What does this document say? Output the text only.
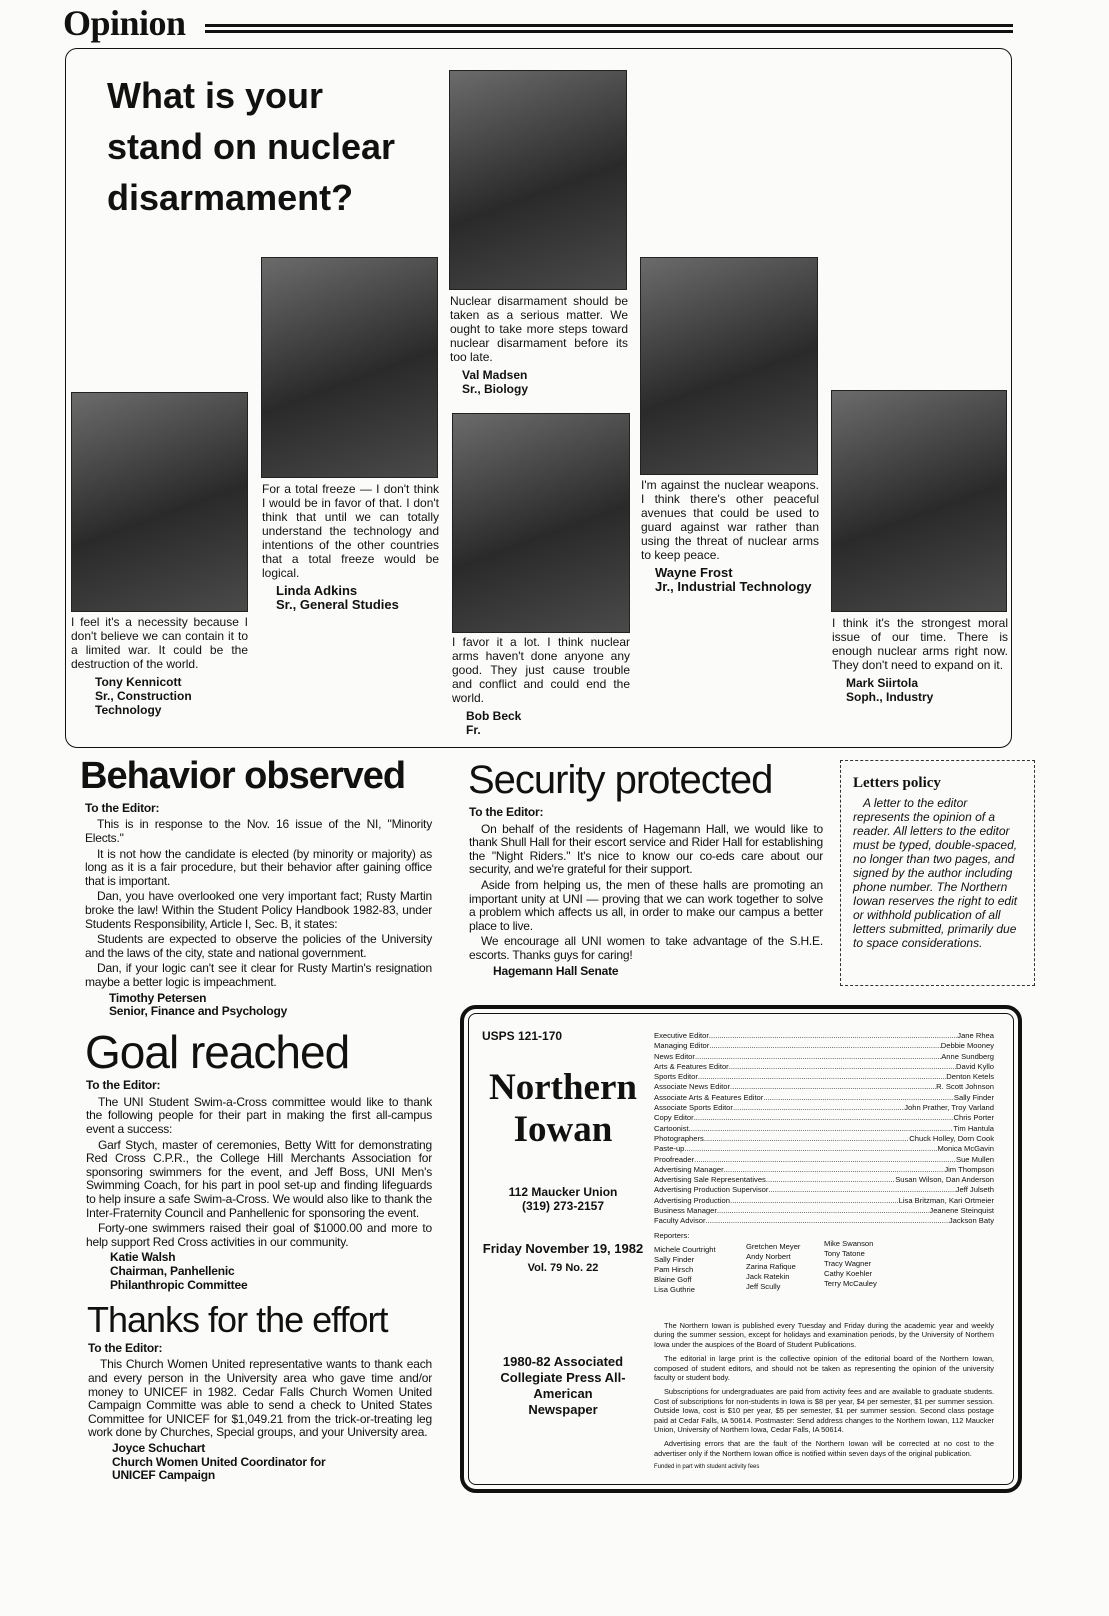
Opinion
What is your stand on nuclear disarmament?
Nuclear disarmament should be taken as a serious matter. We ought to take more steps toward nuclear disarmament before its too late.
Val Madsen
Sr., Biology
For a total freeze — I don't think I would be in favor of that. I don't think that until we can totally understand the technology and intentions of the other countries that a total freeze would be logical.
Linda Adkins
Sr., General Studies
I feel it's a necessity because I don't believe we can contain it to a limited war. It could be the destruction of the world.
Tony Kennicott
Sr., Construction Technology
I favor it a lot. I think nuclear arms haven't done anyone any good. They just cause trouble and conflict and could end the world.
Bob Beck
Fr.
I'm against the nuclear weapons. I think there's other peaceful avenues that could be used to guard against war rather than using the threat of nuclear arms to keep peace.
Wayne Frost
Jr., Industrial Technology
I think it's the strongest moral issue of our time. There is enough nuclear arms right now. They don't need to expand on it.
Mark Siirtola
Soph., Industry
Behavior observed
To the Editor:

This is in response to the Nov. 16 issue of the NI, "Minority Elects."

It is not how the candidate is elected (by minority or majority) as long as it is a fair procedure, but their behavior after gaining office that is important.

Dan, you have overlooked one very important fact; Rusty Martin broke the law! Within the Student Policy Handbook 1982-83, under Students Responsibility, Article I, Sec. B, it states:

Students are expected to observe the policies of the University and the laws of the city, state and national government.

Dan, if your logic can't see it clear for Rusty Martin's resignation maybe a better logic is impeachment.

Timothy Petersen
Senior, Finance and Psychology
Goal reached
To the Editor:

The UNI Student Swim-a-Cross committee would like to thank the following people for their part in making the first all-campus event a success:

Garf Stych, master of ceremonies, Betty Witt for demonstrating Red Cross C.P.R., the College Hill Merchants Association for sponsoring swimmers for the event, and Jeff Boss, UNI Men's Swimming Coach, for his part in pool set-up and finding lifeguards to help insure a safe Swim-a-Cross. We would also like to thank the Inter-Fraternity Council and Panhellenic for sponsoring the event.

Forty-one swimmers raised their goal of $1000.00 and more to help support Red Cross activities in our community.

Katie Walsh
Chairman, Panhellenic
Philanthropic Committee
Thanks for the effort
To the Editor:

This Church Women United representative wants to thank each and every person in the University area who gave time and/or money to UNICEF in 1982. Cedar Falls Church Women United Campaign Committe was able to send a check to United States Committee for UNICEF for $1,049.21 from the trick-or-treating leg work done by Churches, Special groups, and your University area.

Joyce Schuchart
Church Women United Coordinator for
UNICEF Campaign
Security protected
To the Editor:

On behalf of the residents of Hagemann Hall, we would like to thank Shull Hall for their escort service and Rider Hall for establishing the "Night Riders." It's nice to know our co-eds care about our security, and we're grateful for their support.

Aside from helping us, the men of these halls are promoting an important unity at UNI — proving that we can work together to solve a problem which affects us all, in order to make our campus a better place to live.

We encourage all UNI women to take advantage of the S.H.E. escorts. Thanks guys for caring!

Hagemann Hall Senate
Letters policy
A letter to the editor represents the opinion of a reader. All letters to the editor must be typed, double-spaced, no longer than two pages, and signed by the author including phone number. The Northern Iowan reserves the right to edit or withhold publication of all letters submitted, primarily due to space considerations.
USPS 121-170
Northern Iowan
112 Maucker Union
(319) 273-2157
Friday November 19, 1982
Vol. 79 No. 22
1980-82 Associated Collegiate Press All-American Newspaper
Executive Editor .....	Jane Rhea
Managing Editor .....	Debbie Mooney
News Editor .....	Anne Sundberg
Arts & Features Editor .....	David Kyllo
Sports Editor .....	Denton Ketels
Associate News Editor .....	R. Scott Johnson
Associate Arts & Features Editor .....	Sally Finder
Associate Sports Editor .....	John Prather, Troy Varland
Copy Editor .....	Chris Porter
Cartoonist .....	Tim Hantula
Photographers .....	Chuck Holley, Dorn Cook
Paste-up .....	Monica McGavin
Proofreader .....	Sue Mullen
Advertising Manager .....	Jim Thompson
Advertising Sale Representatives .....	Susan Wilson, Dan Anderson
Advertising Production Supervisor .....	Jeff Julseth
Advertising Production .....	Lisa Britzman, Kari Ortmeier
Business Manager .....	Jeanene Steinquist
Faculty Advisor .....	Jackson Baty
Reporters:
Michele Courtright
Sally Finder
Pam Hirsch
Blaine Goff
Lisa Guthrie
Gretchen Meyer
Andy Norbert
Zarina Rafique
Jack Ratekin
Jeff Scully
Mike Swanson
Tony Tatone
Tracy Wagner
Cathy Koehler
Terry McCauley

The Northern Iowan is published every Tuesday and Friday during the academic year and weekly during the summer session, except for holidays and examination periods, by the University of Northern Iowa under the auspices of the Board of Student Publications.

The editorial in large print is the collective opinion of the editorial board of the Northern Iowan, composed of student editors, and should not be taken as representing the opinion of the university faculty or student body.

Subscriptions for undergraduates are paid from activity fees and are available to graduate students. Cost of subscriptions for non-students in Iowa is $8 per year, $4 per semester, $1 per summer session. Outside Iowa, cost is $10 per year, $5 per semester, $1 per summer session. Second class postage paid at Cedar Falls, IA 50614. Postmaster: Send address changes to the Northern Iowan, 112 Maucker Union, University of Northern Iowa, Cedar Falls, IA 50614.

Advertising errors that are the fault of the Northern Iowan will be corrected at no cost to the advertiser only if the Northern Iowan office is notified within seven days of the original publication.

Funded in part with student activity fees
